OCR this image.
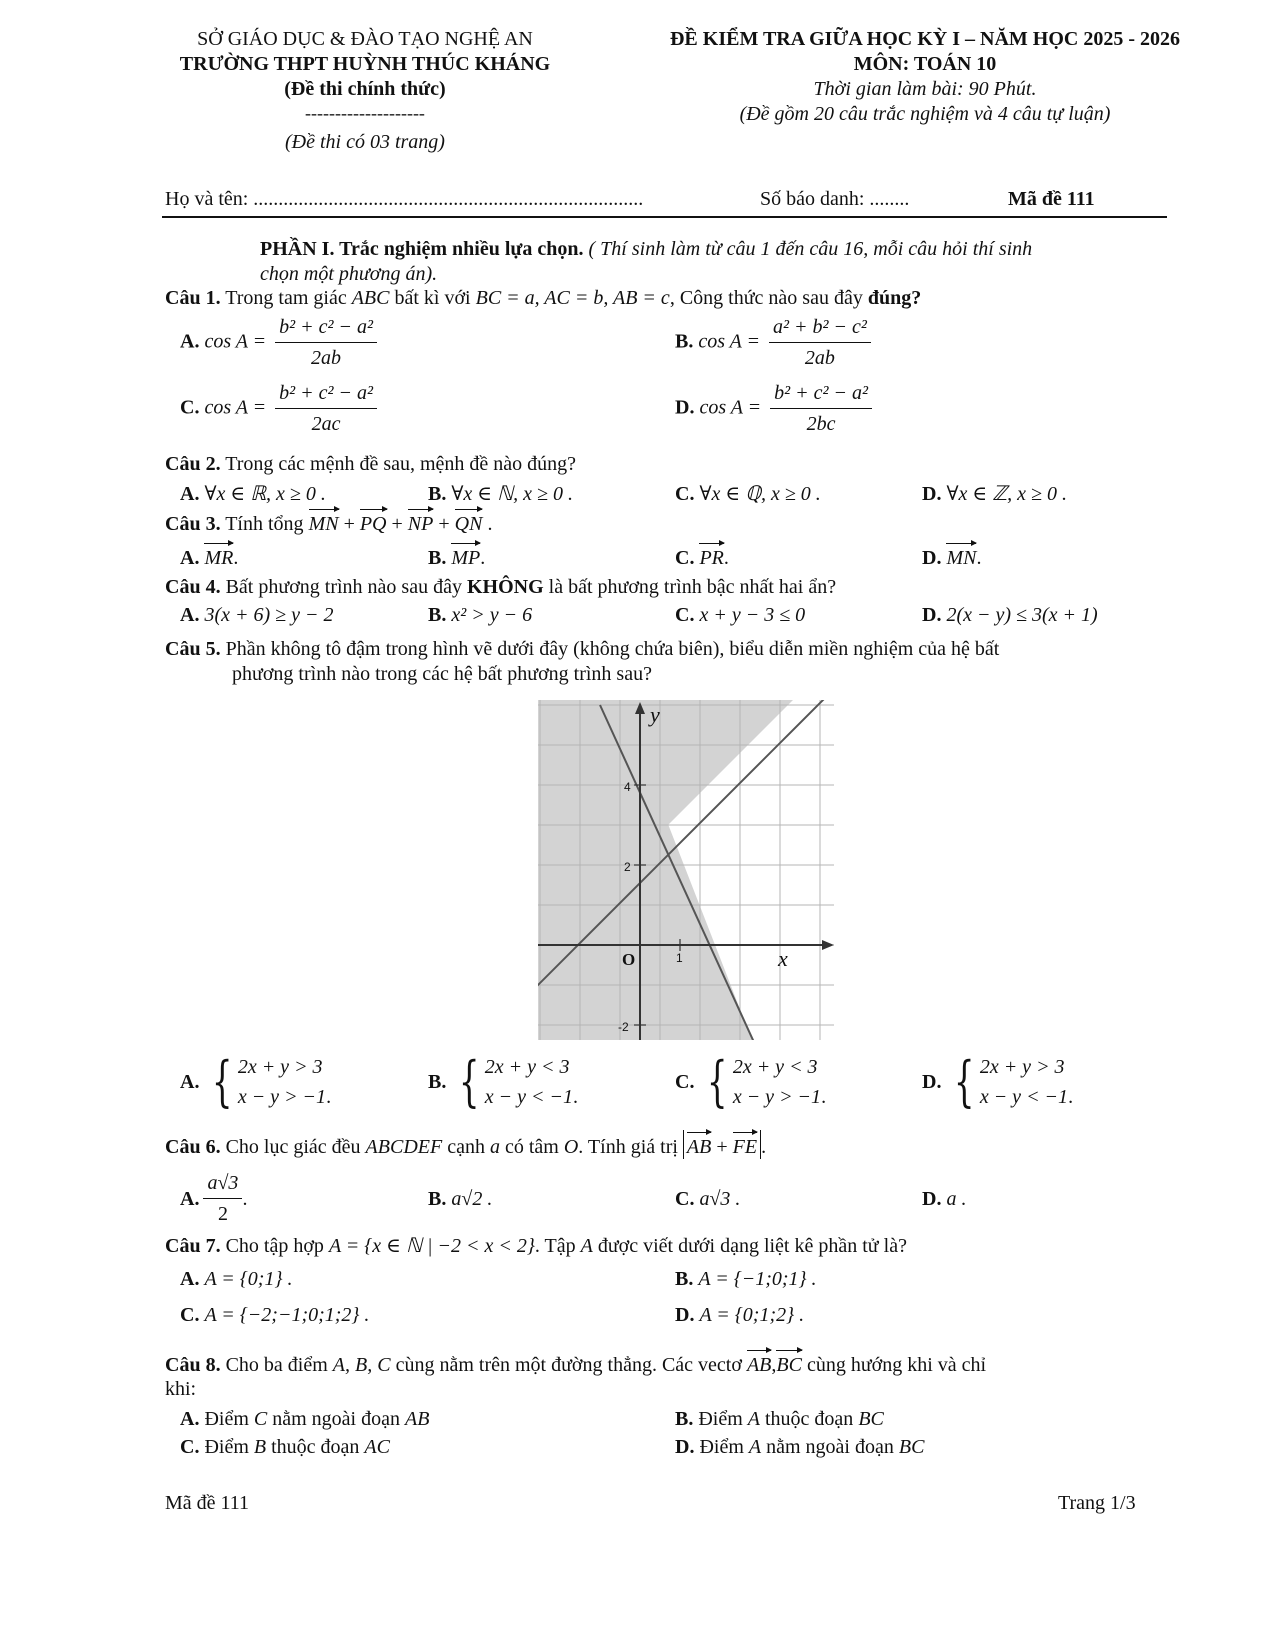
SỞ GIÁO DỤC & ĐÀO TẠO NGHỆ AN
TRƯỜNG THPT HUỲNH THÚC KHÁNG
(Đề thi chính thức)
--------------------
(Đề thi có 03 trang)
ĐỀ KIỂM TRA GIỮA HỌC KỲ I – NĂM HỌC 2025 - 2026
MÔN: TOÁN 10
Thời gian làm bài: 90 Phút.
(Đề gồm 20 câu trắc nghiệm và 4 câu tự luận)
Họ và tên: ..............................................................................	Số báo danh: ........	Mã đề 111
PHẦN I. Trắc nghiệm nhiều lựa chọn. ( Thí sinh làm từ câu 1 đến câu 16, mỗi câu hỏi thí sinh
chọn một phương án).
Câu 1. Trong tam giác ABC bất kì với BC = a, AC = b, AB = c, Công thức nào sau đây đúng?
A. $\cos A = \frac{\text{b² + c² − a²}}{2ab}$	B. $\cos A = \frac{\text{a² + b² − c²}}{2ab}$
C. $\cos A = \frac{\text{b² + c² − a²}}{2ac}$	D. $\cos A = \frac{\text{b² + c² − a²}}{2bc}$
Câu 2. Trong các mệnh đề sau, mệnh đề nào đúng?
A. ∀x ∈ ℝ, x ≥ 0 .	B. ∀x ∈ ℕ, x ≥ 0 .	C. ∀x ∈ ℚ, x ≥ 0 .	D. ∀x ∈ ℤ, x ≥ 0 .
Câu 3. Tính tổng MN + PQ + NP + QN .
A. MR.	B. MP.	C. PR.	D. MN.
Câu 4. Bất phương trình nào sau đây KHÔNG là bất phương trình bậc nhất hai ẩn?
A. 3(x + 6) ≥ y − 2	B. x² > y − 6	C. x + y − 3 ≤ 0	D. 2(x − y) ≤ 3(x + 1)
Câu 5. Phần không tô đậm trong hình vẽ dưới đây (không chứa biên), biểu diễn miền nghiệm của hệ bất
phương trình nào trong các hệ bất phương trình sau?
y
x
O
4
2
-2
1
A. { 2x + y > 3
x − y > −1.
B. { 2x + y < 3
x − y < −1.
C. { 2x + y < 3
x − y > −1.
D. { 2x + y > 3
x − y < −1.
Câu 6. Cho lục giác đều ABCDEF cạnh a có tâm O. Tính giá trị AB + FE .
A. $\frac{a√3}{2}$ .	B. a√2 .	C. a√3 .	D. a .
Câu 7. Cho tập hợp A = {x ∈ ℕ | −2 < x < 2}. Tập A được viết dưới dạng liệt kê phần tử là?
A. A = {0;1} .	B. A = {−1;0;1} .
C. A = {−2;−1;0;1;2} .	D. A = {0;1;2} .
Câu 8. Cho ba điểm A, B, C cùng nằm trên một đường thẳng. Các vectơ AB,BC cùng hướng khi và chỉ
khi:
A. Điểm C nằm ngoài đoạn AB	B. Điểm A thuộc đoạn BC
C. Điểm B thuộc đoạn AC	D. Điểm A nằm ngoài đoạn BC
Mã đề 111	Trang 1/3
